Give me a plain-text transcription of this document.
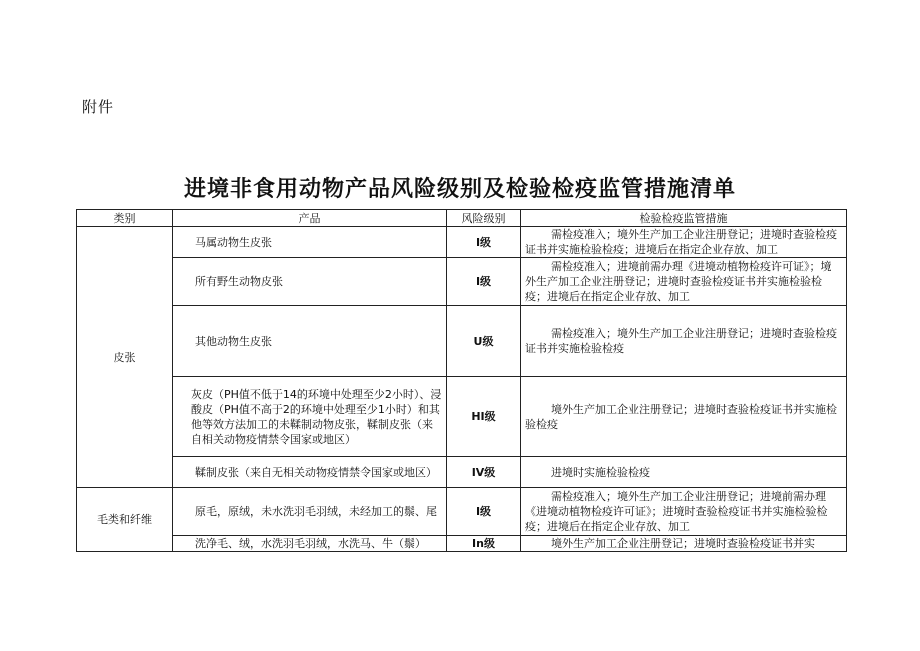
附件
进境非食用动物产品风险级别及检验检疫监管措施清单
类别	产品	风险级别	检验检疫监管措施
皮张	马属动物生皮张	I级	需检疫准入；境外生产加工企业注册登记；进境时查验检疫证书并实施检验检疫；进境后在指定企业存放、加工
	所有野生动物皮张	I级	需检疫准入；进境前需办理《进境动植物检疫许可证》；境外生产加工企业注册登记；进境时查验检疫证书并实施检验检疫；进境后在指定企业存放、加工
	其他动物生皮张	U级	需检疫准入；境外生产加工企业注册登记；进境时查验检疫证书并实施检验检疫
	灰皮（PH值不低于14的环境中处理至少2小时）、浸酸皮（PH值不高于2的环境中处理至少1小时）和其他等效方法加工的未鞣制动物皮张，鞣制皮张（来自相关动物疫情禁令国家或地区）	HI级	境外生产加工企业注册登记；进境时查验检疫证书并实施检验检疫
	鞣制皮张（来自无相关动物疫情禁令国家或地区）	IV级	进境时实施检验检疫
毛类和纤维	原毛，原绒，未水洗羽毛羽绒，未经加工的鬃、尾	I级	需检疫准入；境外生产加工企业注册登记；进境前需办理《进境动植物检疫许可证》；进境时查验检疫证书并实施检验检疫；进境后在指定企业存放、加工
	洗净毛、绒，水洗羽毛羽绒，水洗马、牛（鬃）	In级	境外生产加工企业注册登记；进境时查验检疫证书并实
